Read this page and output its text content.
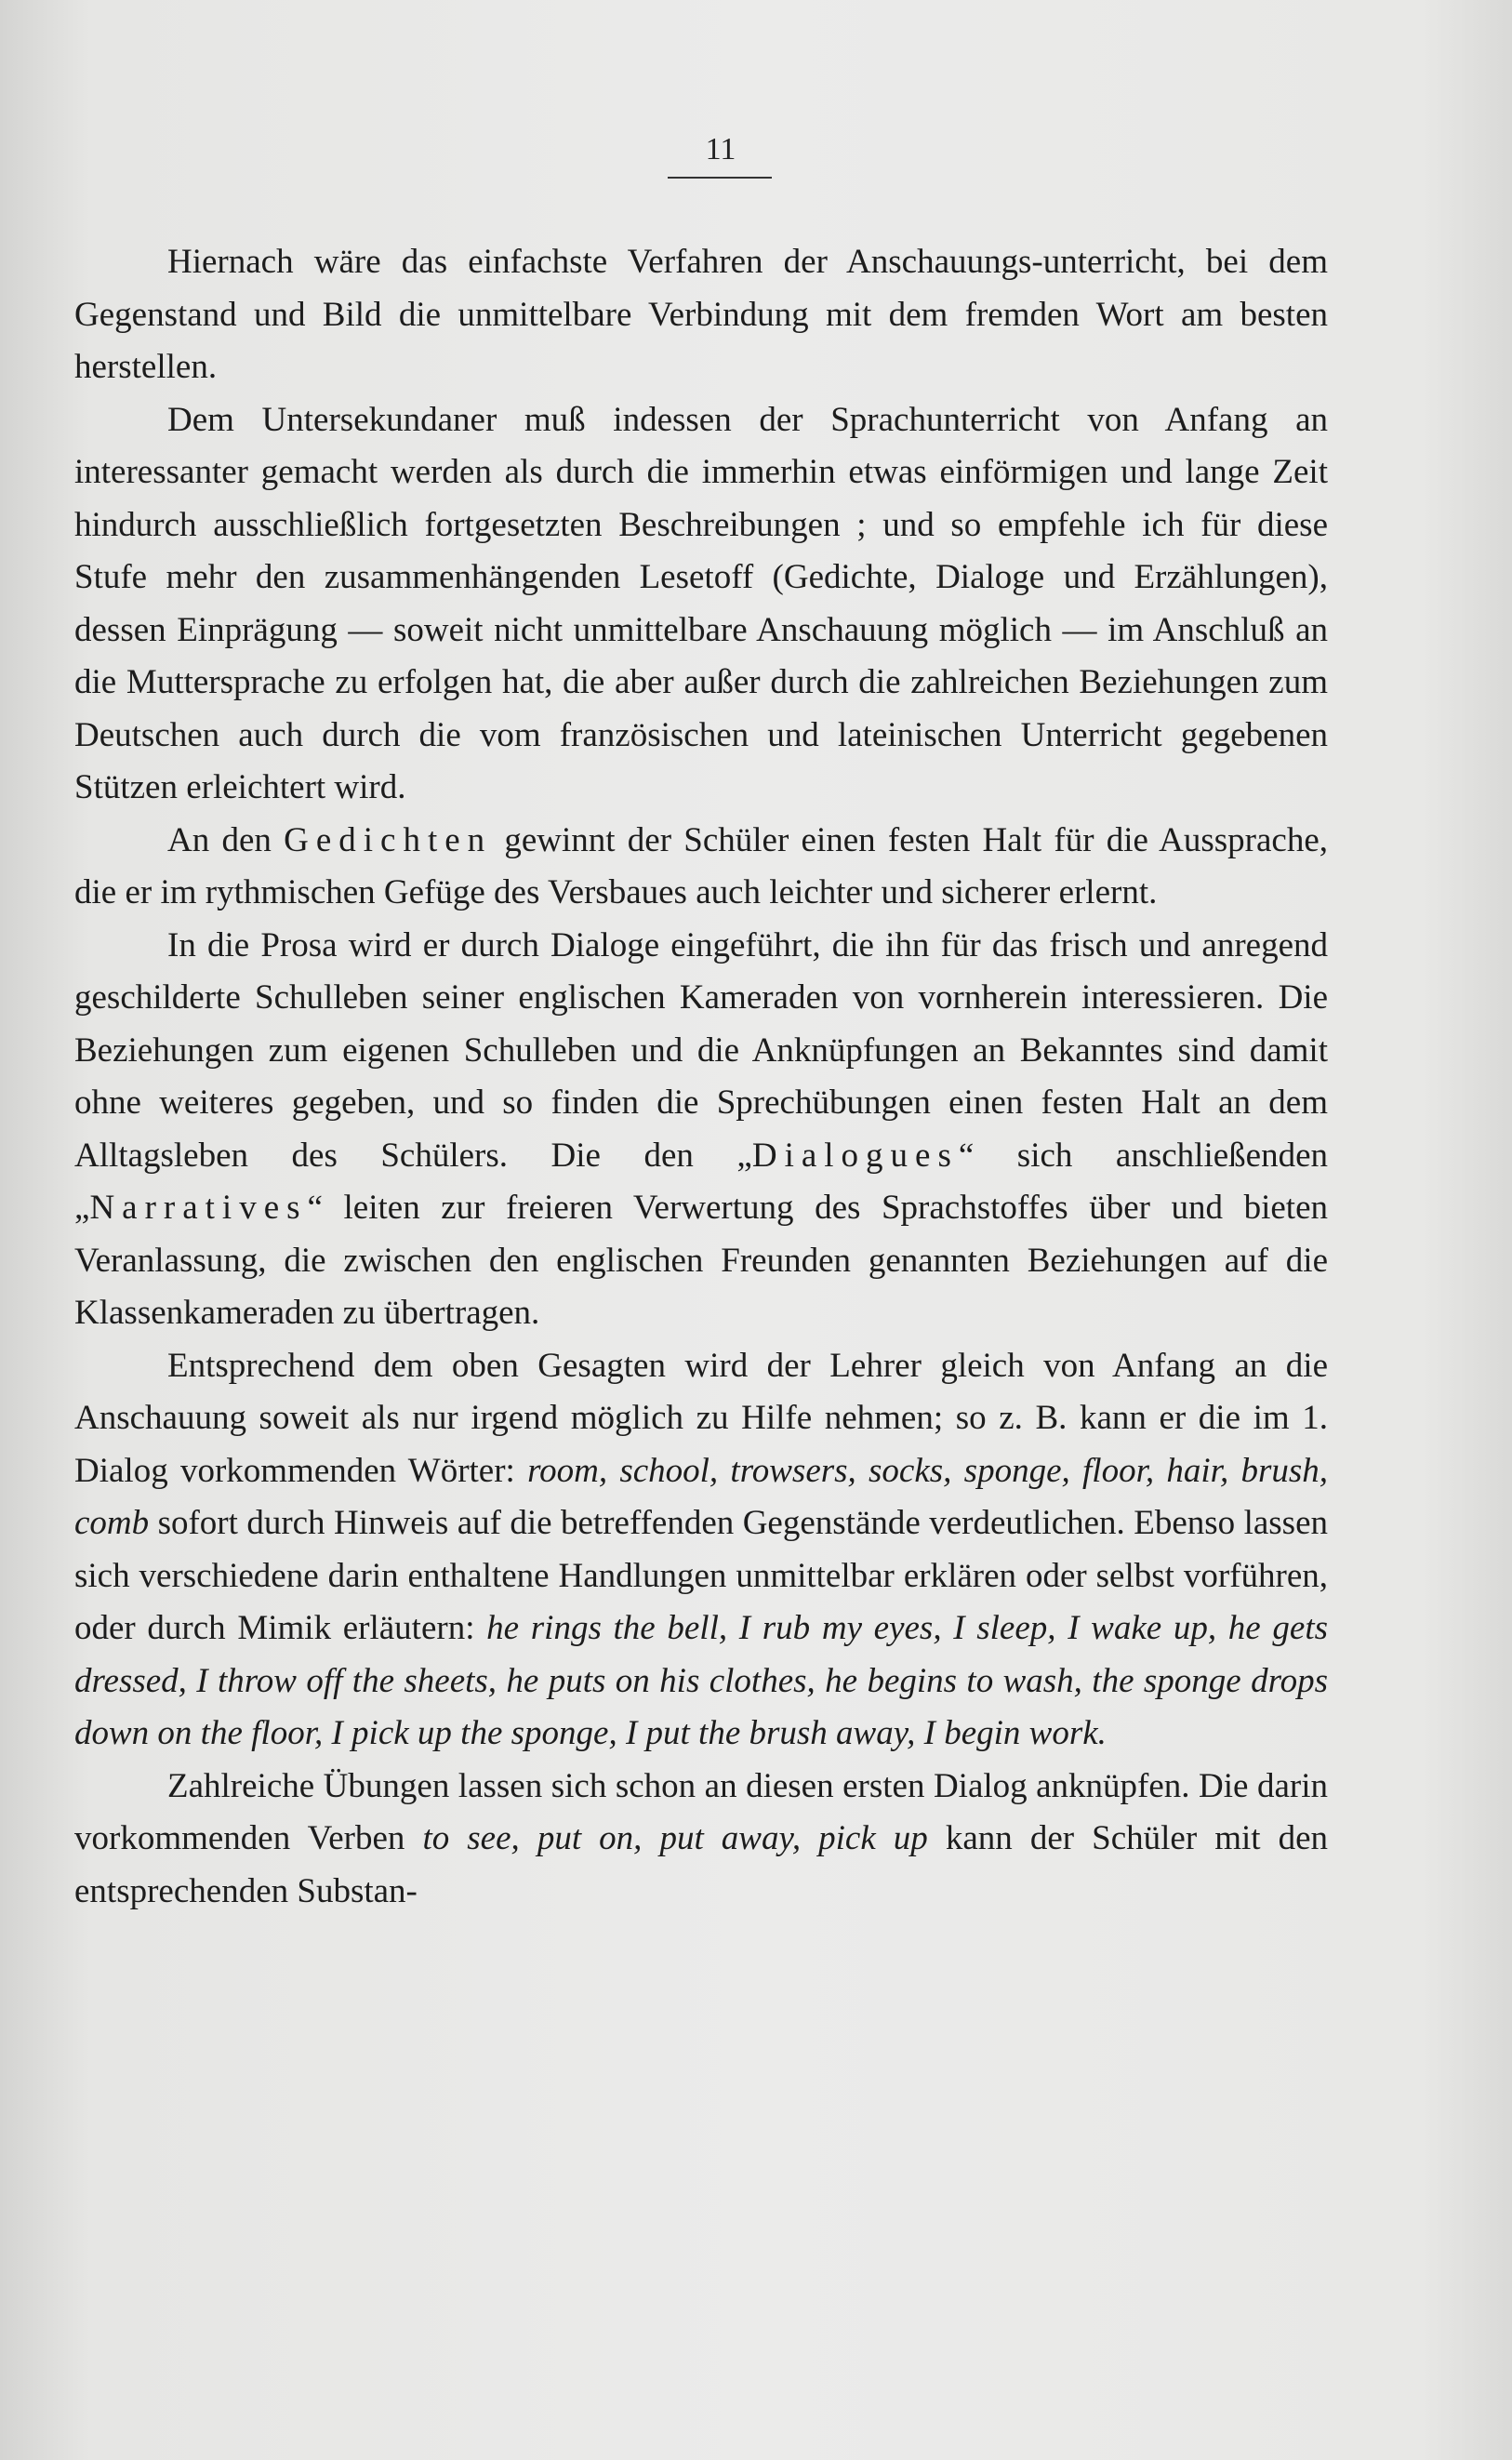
11

Hiernach wäre das einfachste Verfahren der Anschauungs-unterricht, bei dem Gegenstand und Bild die unmittelbare Verbindung mit dem fremden Wort am besten herstellen.

Dem Untersekundaner muß indessen der Sprachunterricht von Anfang an interessanter gemacht werden als durch die immerhin etwas einförmigen und lange Zeit hindurch ausschließlich fortgesetzten Beschreibungen ; und so empfehle ich für diese Stufe mehr den zusammenhängenden Lesetoff (Gedichte, Dialoge und Erzählungen), dessen Einprägung — soweit nicht unmittelbare Anschauung möglich — im Anschluß an die Muttersprache zu erfolgen hat, die aber außer durch die zahlreichen Beziehungen zum Deutschen auch durch die vom französischen und lateinischen Unterricht gegebenen Stützen erleichtert wird.

An den Gedichten gewinnt der Schüler einen festen Halt für die Aussprache, die er im rythmischen Gefüge des Versbaues auch leichter und sicherer erlernt.

In die Prosa wird er durch Dialoge eingeführt, die ihn für das frisch und anregend geschilderte Schulleben seiner englischen Kameraden von vornherein interessieren. Die Beziehungen zum eigenen Schulleben und die Anknüpfungen an Bekanntes sind damit ohne weiteres gegeben, und so finden die Sprechübungen einen festen Halt an dem Alltagsleben des Schülers. Die den „Dialogues“ sich anschließenden „Narratives“ leiten zur freieren Verwertung des Sprachstoffes über und bieten Veranlassung, die zwischen den englischen Freunden genannten Beziehungen auf die Klassenkameraden zu übertragen.

Entsprechend dem oben Gesagten wird der Lehrer gleich von Anfang an die Anschauung soweit als nur irgend möglich zu Hilfe nehmen; so z. B. kann er die im 1. Dialog vorkommenden Wörter: room, school, trowsers, socks, sponge, floor, hair, brush, comb sofort durch Hinweis auf die betreffenden Gegenstände verdeutlichen. Ebenso lassen sich verschiedene darin enthaltene Handlungen unmittelbar erklären oder selbst vorführen, oder durch Mimik erläutern: he rings the bell, I rub my eyes, I sleep, I wake up, he gets dressed, I throw off the sheets, he puts on his clothes, he begins to wash, the sponge drops down on the floor, I pick up the sponge, I put the brush away, I begin work.

Zahlreiche Übungen lassen sich schon an diesen ersten Dialog anknüpfen. Die darin vorkommenden Verben to see, put on, put away, pick up kann der Schüler mit den entsprechenden Substan-
